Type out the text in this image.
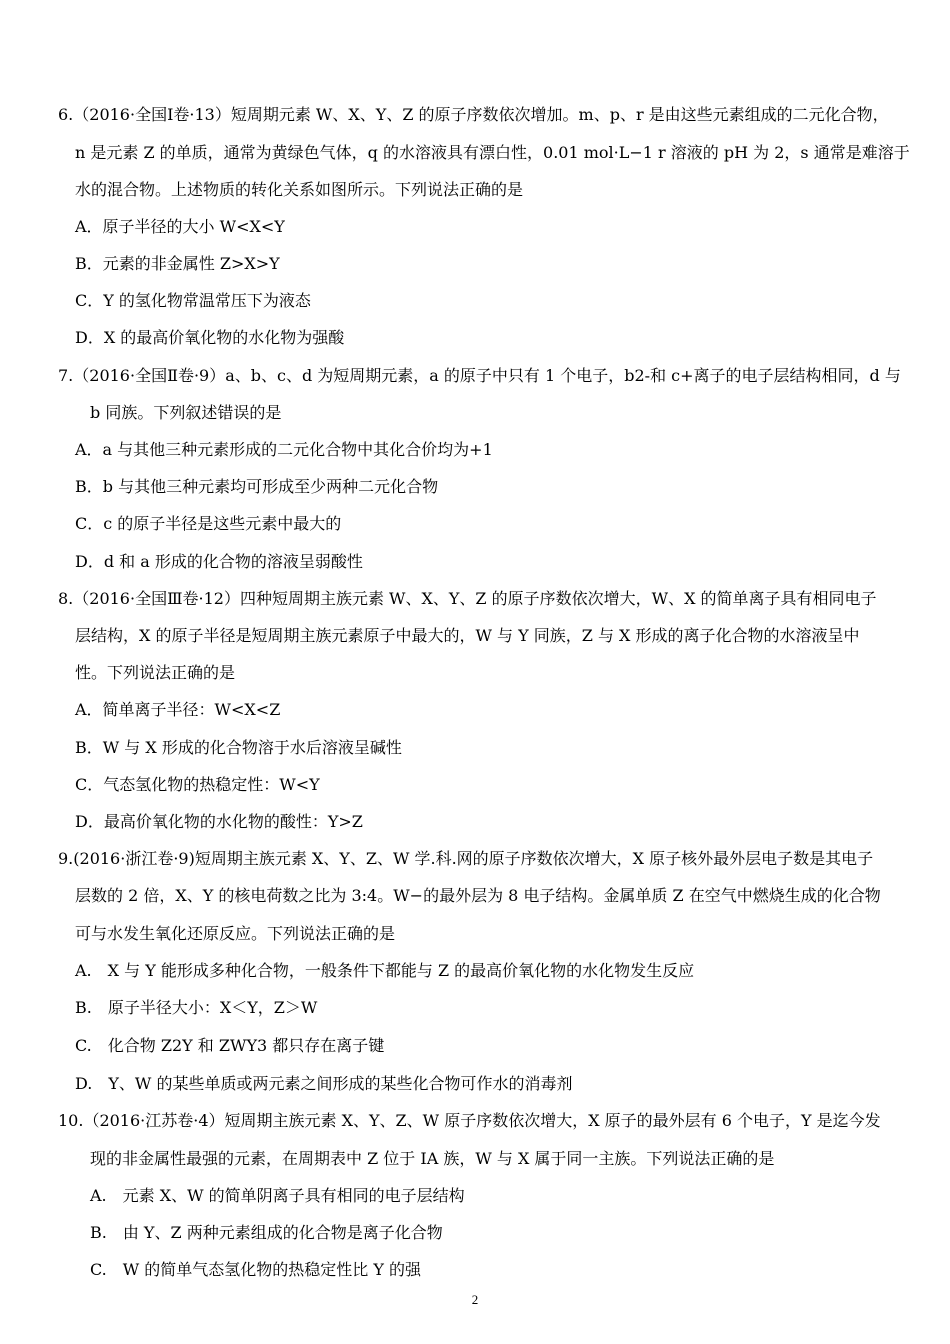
6.（2016·全国Ⅰ卷·13）短周期元素 W、X、Y、Z 的原子序数依次增加。m、p、r 是由这些元素组成的二元化合物，
n 是元素 Z 的单质，通常为黄绿色气体，q 的水溶液具有漂白性，0.01 mol·L−1 r 溶液的 pH 为 2，s 通常是难溶于
水的混合物。上述物质的转化关系如图所示。下列说法正确的是
A．原子半径的大小 W<X<Y
B．元素的非金属性 Z>X>Y
C．Y 的氢化物常温常压下为液态
D．X 的最高价氧化物的水化物为强酸
7.（2016·全国Ⅱ卷·9）a、b、c、d 为短周期元素，a 的原子中只有 1 个电子，b2-和 c+离子的电子层结构相同，d 与
b 同族。下列叙述错误的是
A．a 与其他三种元素形成的二元化合物中其化合价均为+1
B．b 与其他三种元素均可形成至少两种二元化合物
C．c 的原子半径是这些元素中最大的
D．d 和 a 形成的化合物的溶液呈弱酸性
8.（2016·全国Ⅲ卷·12）四种短周期主族元素 W、X、Y、Z 的原子序数依次增大，W、X 的简单离子具有相同电子
层结构，X 的原子半径是短周期主族元素原子中最大的，W 与 Y 同族，Z 与 X 形成的离子化合物的水溶液呈中
性。下列说法正确的是
A．简单离子半径：W<X<Z
B．W 与 X 形成的化合物溶于水后溶液呈碱性
C．气态氢化物的热稳定性：W<Y
D．最高价氧化物的水化物的酸性：Y>Z
9.(2016·浙江卷·9)短周期主族元素 X、Y、Z、W 学.科.网的原子序数依次增大，X 原子核外最外层电子数是其电子
层数的 2 倍，X、Y 的核电荷数之比为 3:4。W−的最外层为 8 电子结构。金属单质 Z 在空气中燃烧生成的化合物
可与水发生氧化还原反应。下列说法正确的是
A.　X 与 Y 能形成多种化合物，一般条件下都能与 Z 的最高价氧化物的水化物发生反应
B.　原子半径大小：X＜Y，Z＞W
C.　化合物 Z2Y 和 ZWY3 都只存在离子键
D.　Y、W 的某些单质或两元素之间形成的某些化合物可作水的消毒剂
10.（2016·江苏卷·4）短周期主族元素 X、Y、Z、W 原子序数依次增大，X 原子的最外层有 6 个电子，Y 是迄今发
现的非金属性最强的元素，在周期表中 Z 位于 IA 族，W 与 X 属于同一主族。下列说法正确的是
A.　元素 X、W 的简单阴离子具有相同的电子层结构
B.　由 Y、Z 两种元素组成的化合物是离子化合物
C.　W 的简单气态氢化物的热稳定性比 Y 的强
2
